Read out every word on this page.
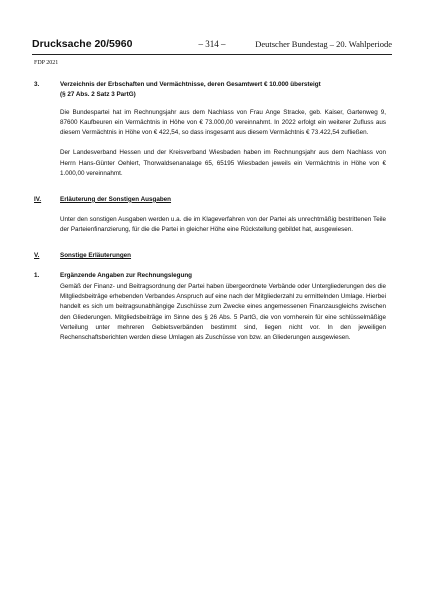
Drucksache 20/5960	– 314 –	Deutscher Bundestag – 20. Wahlperiode
FDP 2021
3.	Verzeichnis der Erbschaften und Vermächtnisse, deren Gesamtwert € 10.000 übersteigt
(§ 27 Abs. 2 Satz 3 PartG)
Die Bundespartei hat im Rechnungsjahr aus dem Nachlass von Frau Ange Stracke, geb. Kaiser, Gartenweg 9, 87600 Kaufbeuren ein Vermächtnis in Höhe von € 73.000,00 vereinnahmt. In 2022 erfolgt ein weiterer Zufluss aus diesem Vermächtnis in Höhe von € 422,54, so dass insgesamt aus diesem Vermächtnis € 73.422,54 zufließen.
Der Landesverband Hessen und der Kreisverband Wiesbaden haben im Rechnungsjahr aus dem Nachlass von Herrn Hans-Günter Oehlert, Thorwaldsenanalage 65, 65195 Wiesbaden jeweils ein Vermächtnis in Höhe von € 1.000,00 vereinnahmt.
IV.	Erläuterung der Sonstigen Ausgaben
Unter den sonstigen Ausgaben werden u.a. die im Klageverfahren von der Partei als unrechtmäßig bestrittenen Teile der Parteienfinanzierung, für die die Partei in gleicher Höhe eine Rückstellung gebildet hat, ausgewiesen.
V.	Sonstige Erläuterungen
1.	Ergänzende Angaben zur Rechnungslegung
Gemäß der Finanz- und Beitragsordnung der Partei haben übergeordnete Verbände oder Untergliederungen des die Mitgliedsbeiträge erhebenden Verbandes Anspruch auf eine nach der Mitgliederzahl zu ermittelnden Umlage. Hierbei handelt es sich um beitragsunabhängige Zuschüsse zum Zwecke eines angemessenen Finanzausgleichs zwischen den Gliederungen. Mitgliedsbeiträge im Sinne des § 26 Abs. 5 PartG, die von vornherein für eine schlüsselmäßige Verteilung unter mehreren Gebietsverbänden bestimmt sind, liegen nicht vor. In den jeweiligen Rechenschaftsberichten werden diese Umlagen als Zuschüsse von bzw. an Gliederungen ausgewiesen.
